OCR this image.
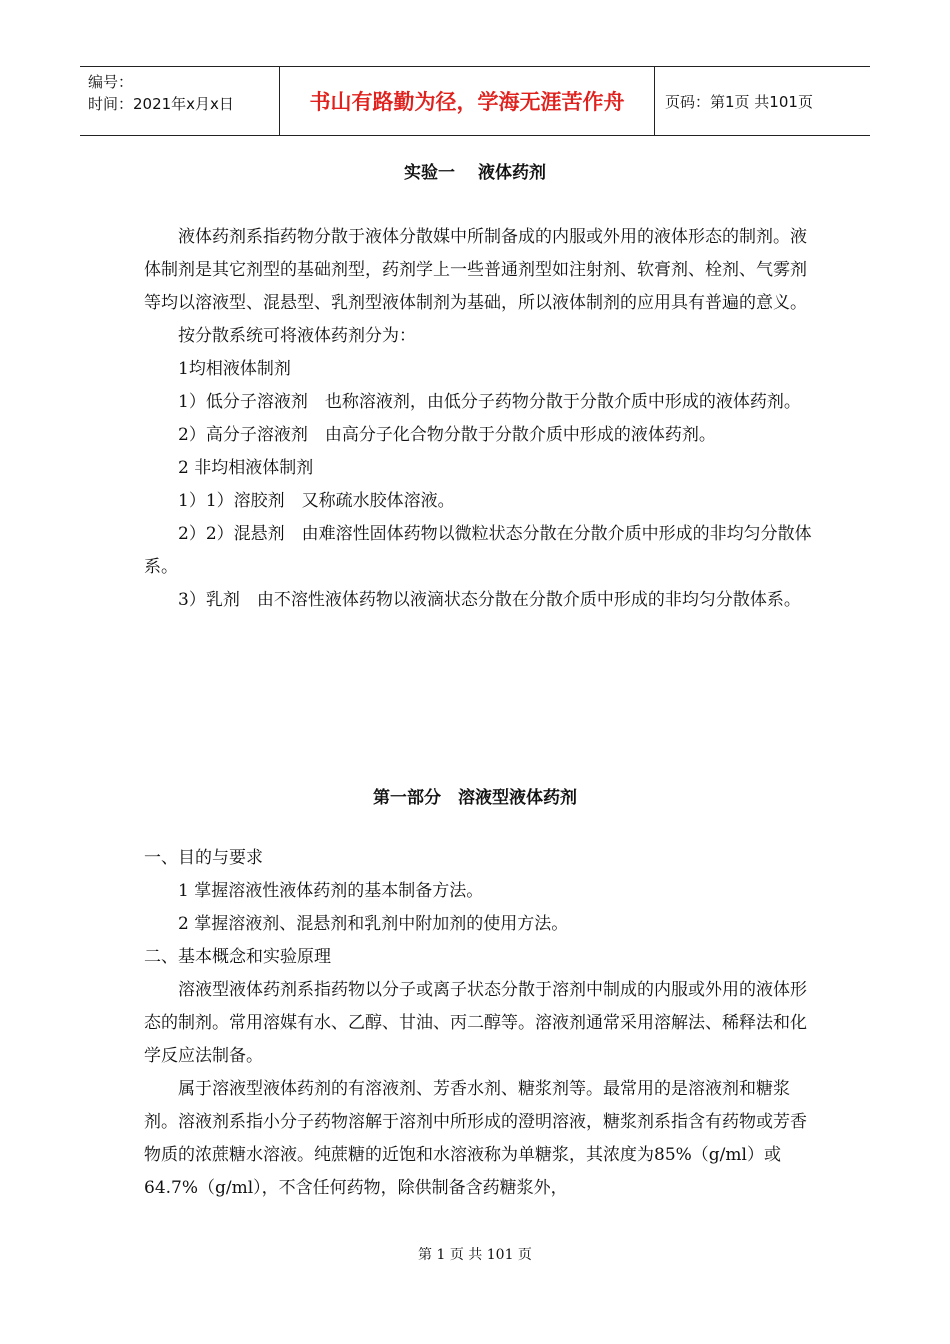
编号：
时间：2021年x月x日	书山有路勤为径，学海无涯苦作舟	页码：第1页 共101页
实验一　 液体药剂

液体药剂系指药物分散于液体分散媒中所制备成的内服或外用的液体形态的制剂。液体制剂是其它剂型的基础剂型，药剂学上一些普通剂型如注射剂、软膏剂、栓剂、气雾剂等均以溶液型、混悬型、乳剂型液体制剂为基础，所以液体制剂的应用具有普遍的意义。

按分散系统可将液体药剂分为：

1均相液体制剂

1）低分子溶液剂　也称溶液剂，由低分子药物分散于分散介质中形成的液体药剂。

2）高分子溶液剂　由高分子化合物分散于分散介质中形成的液体药剂。

2 非均相液体制剂

1）1）溶胶剂　又称疏水胶体溶液。

2）2）混悬剂　由难溶性固体药物以微粒状态分散在分散介质中形成的非均匀分散体系。

3）乳剂　由不溶性液体药物以液滴状态分散在分散介质中形成的非均匀分散体系。

第一部分　溶液型液体药剂

一、目的与要求

1 掌握溶液性液体药剂的基本制备方法。

2 掌握溶液剂、混悬剂和乳剂中附加剂的使用方法。

二、基本概念和实验原理

溶液型液体药剂系指药物以分子或离子状态分散于溶剂中制成的内服或外用的液体形态的制剂。常用溶媒有水、乙醇、甘油、丙二醇等。溶液剂通常采用溶解法、稀释法和化学反应法制备。

属于溶液型液体药剂的有溶液剂、芳香水剂、糖浆剂等。最常用的是溶液剂和糖浆剂。溶液剂系指小分子药物溶解于溶剂中所形成的澄明溶液，糖浆剂系指含有药物或芳香物质的浓蔗糖水溶液。纯蔗糖的近饱和水溶液称为单糖浆，其浓度为85%（g/ml）或64.7%（g/ml），不含任何药物，除供制备含药糖浆外，

第 1 页 共 101 页
